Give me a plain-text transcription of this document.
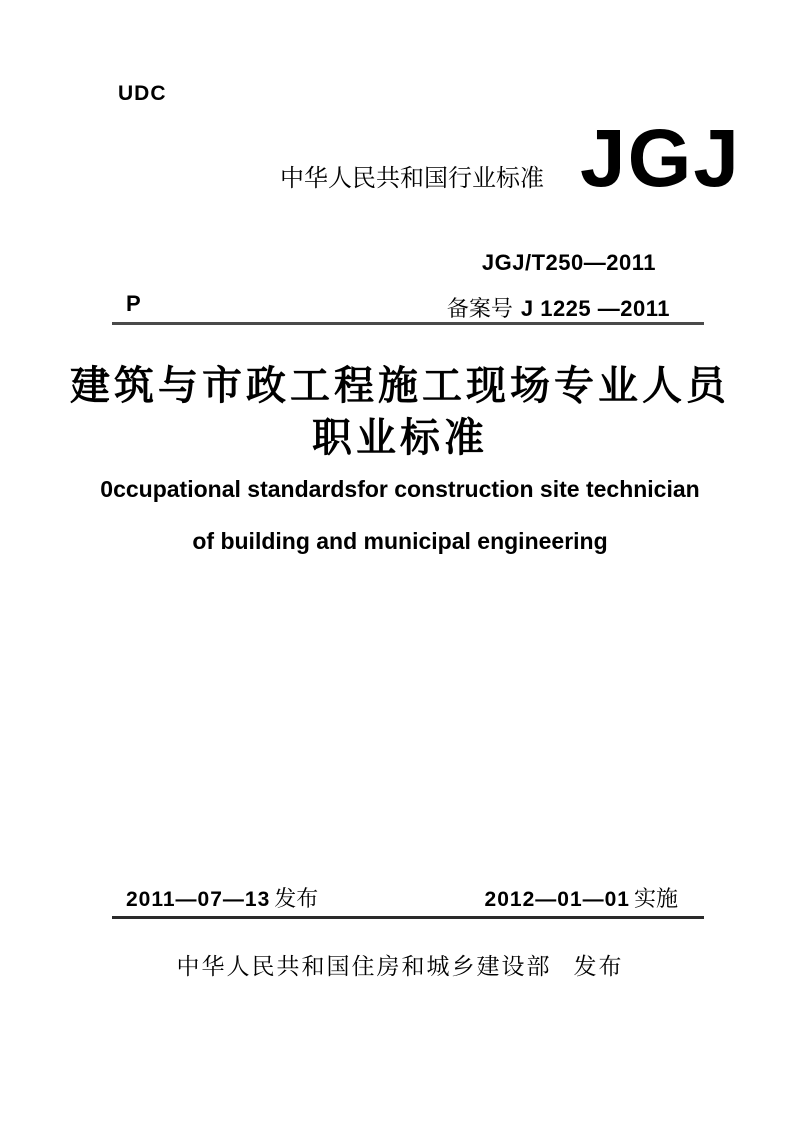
UDC
中华人民共和国行业标准 JGJ
JGJ/T250—2011
P	备案号 J 1225 —2011
建筑与市政工程施工现场专业人员
职业标准
0ccupational standardsfor construction site technician
of building and municipal engineering
2011—07—13 发布	2012—01—01 实施
中华人民共和国住房和城乡建设部 发布
